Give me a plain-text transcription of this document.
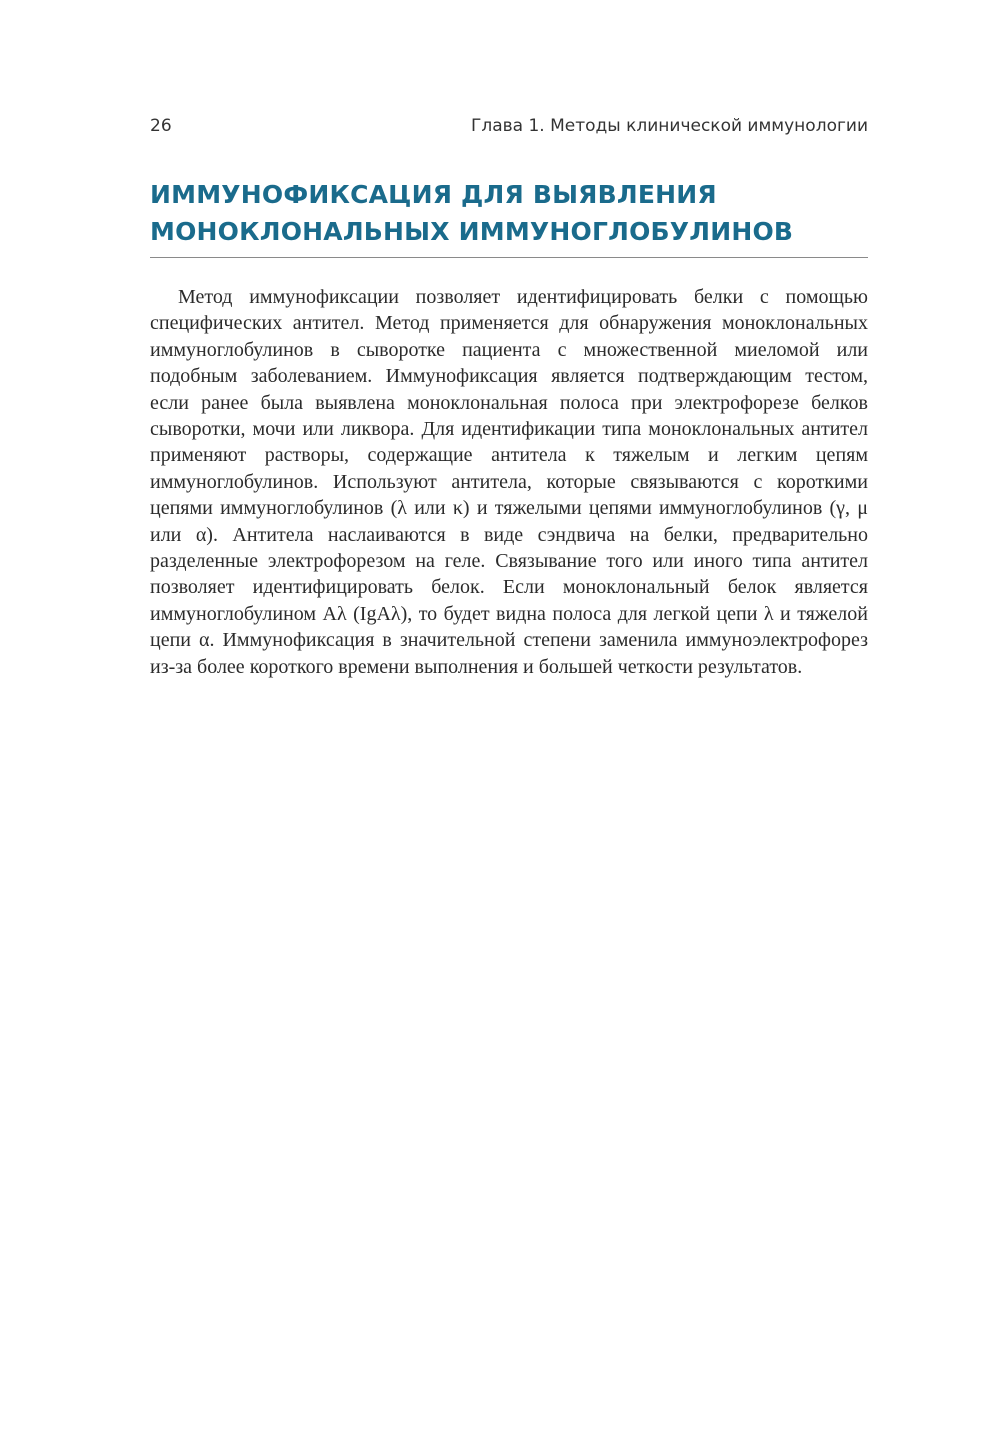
26	Глава 1. Методы клинической иммунологии
ИММУНОФИКСАЦИЯ ДЛЯ ВЫЯВЛЕНИЯ
МОНОКЛОНАЛЬНЫХ ИММУНОГЛОБУЛИНОВ

Метод иммунофиксации позволяет идентифицировать белки с помощью специфических антител. Метод применяется для обнаружения моноклональных иммуноглобулинов в сыворотке пациента с множественной миеломой или подобным заболеванием. Иммунофиксация является подтверждающим тестом, если ранее была выявлена моноклональная полоса при электрофорезе белков сыворотки, мочи или ликвора. Для идентификации типа моноклональных антител применяют растворы, содержащие антитела к тяжелым и легким цепям иммуноглобулинов. Используют антитела, которые связываются с короткими цепями иммуноглобулинов (λ или κ) и тяжелыми цепями иммуноглобулинов (γ, μ или α). Антитела наслаиваются в виде сэндвича на белки, предварительно разделенные электрофорезом на геле. Связывание того или иного типа антител позволяет идентифицировать белок. Если моноклональный белок является иммуноглобулином Aλ (IgAλ), то будет видна полоса для легкой цепи λ и тяжелой цепи α. Иммунофиксация в значительной степени заменила иммуноэлектрофорез из-за более короткого времени выполнения и большей четкости результатов.
